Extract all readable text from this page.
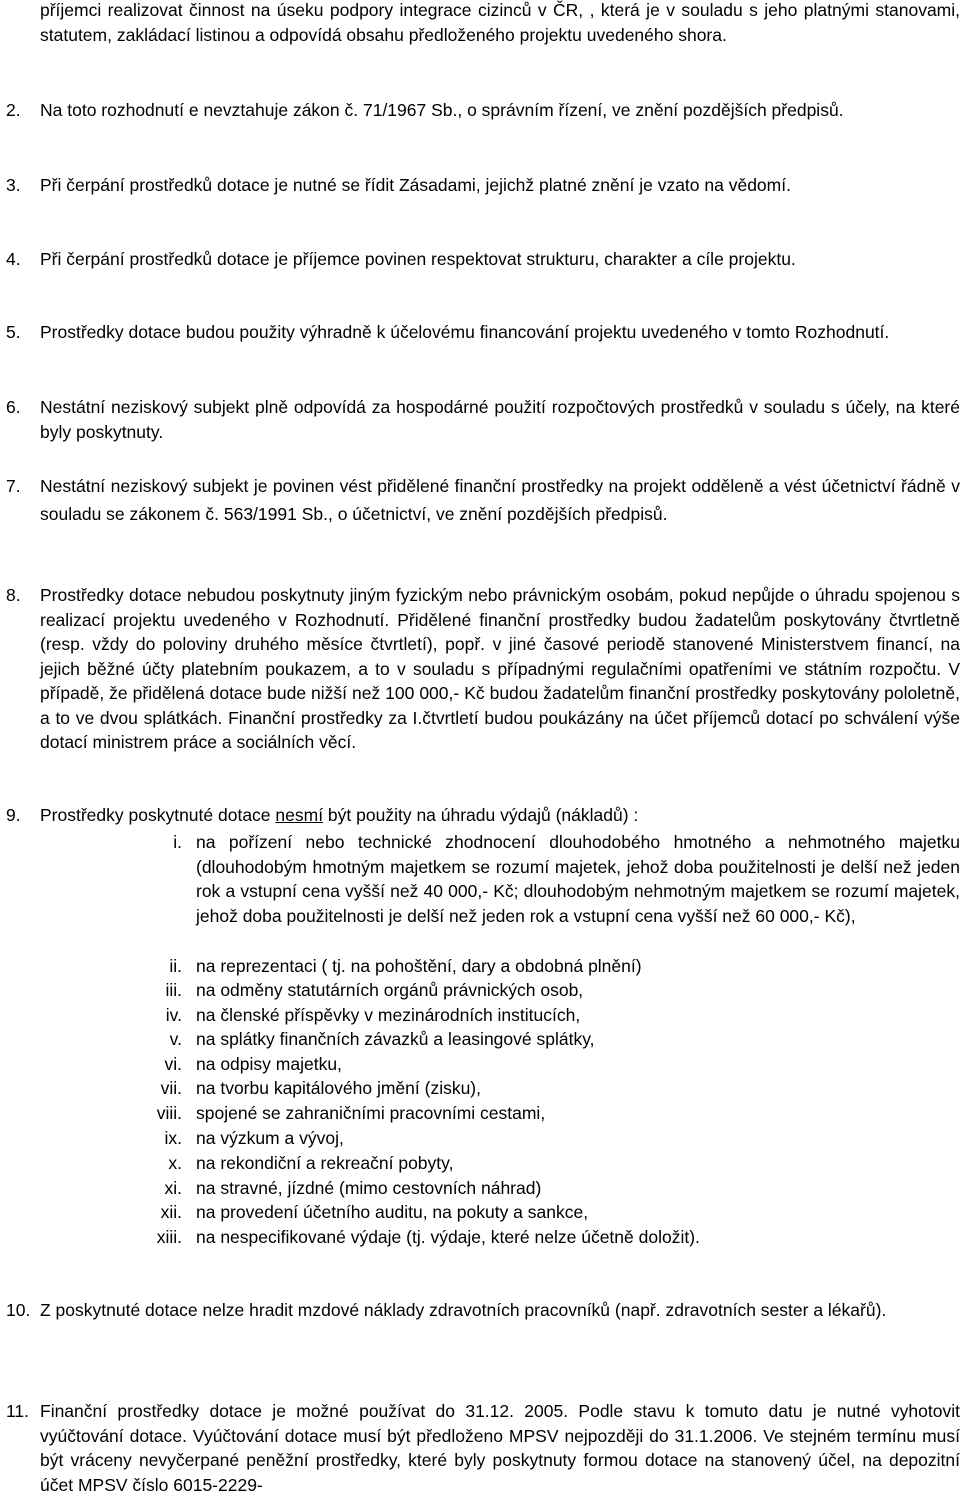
příjemci realizovat činnost na úseku podpory integrace cizinců v ČR, , která je v souladu s jeho platnými stanovami, statutem, zakládací listinou a odpovídá obsahu předloženého projektu uvedeného shora.

2.	Na toto rozhodnutí e nevztahuje zákon č. 71/1967 Sb., o správním řízení, ve znění pozdějších předpisů.

3.	Při čerpání prostředků dotace je nutné se řídit Zásadami, jejichž platné znění je vzato na vědomí.

4.	Při čerpání prostředků dotace je příjemce povinen respektovat strukturu, charakter a cíle projektu.

5.	Prostředky dotace budou použity výhradně k účelovému financování projektu uvedeného v tomto Rozhodnutí.

6.	Nestátní neziskový subjekt plně odpovídá za hospodárné použití rozpočtových prostředků v souladu s účely, na které byly poskytnuty.

7.	Nestátní neziskový subjekt je povinen vést přidělené finanční prostředky na projekt odděleně a vést účetnictví řádně v souladu se zákonem č. 563/1991 Sb., o účetnictví, ve znění pozdějších předpisů.

8.	Prostředky dotace nebudou poskytnuty jiným fyzickým nebo právnickým osobám, pokud nepůjde o úhradu spojenou s realizací projektu uvedeného v Rozhodnutí. Přidělené finanční prostředky budou žadatelům poskytovány čtvrtletně (resp. vždy do poloviny druhého měsíce čtvrtletí), popř. v jiné časové periodě stanovené Ministerstvem financí, na jejich běžné účty platebním poukazem, a to v souladu s případnými regulačními opatřeními ve státním rozpočtu. V případě, že přidělená dotace bude nižší než 100 000,- Kč budou žadatelům finanční prostředky poskytovány pololetně, a to ve dvou splátkách. Finanční prostředky za I.čtvrtletí budou poukázány na účet příjemců dotací po schválení výše dotací ministrem práce a sociálních věcí.

9.	Prostředky poskytnuté dotace nesmí být použity na úhradu výdajů (nákladů) :

i. na pořízení nebo technické zhodnocení dlouhodobého hmotného a nehmotného majetku (dlouhodobým hmotným majetkem se rozumí majetek, jehož doba použitelnosti je delší než jeden rok a vstupní cena vyšší než 40 000,- Kč; dlouhodobým nehmotným majetkem se rozumí majetek, jehož doba použitelnosti je delší než jeden rok a vstupní cena vyšší než 60 000,- Kč),
ii. na reprezentaci ( tj. na pohoštění, dary a obdobná plnění)
iii. na odměny statutárních orgánů právnických osob,
iv. na členské příspěvky v mezinárodních institucích,
v. na splátky finančních závazků a leasingové splátky,
vi. na odpisy majetku,
vii. na tvorbu kapitálového jmění (zisku),
viii. spojené se zahraničními pracovními cestami,
ix. na výzkum a vývoj,
x. na rekondiční a rekreační pobyty,
xi. na stravné, jízdné (mimo cestovních náhrad)
xii. na provedení účetního auditu, na pokuty a sankce,
xiii. na nespecifikované výdaje (tj. výdaje, které nelze účetně doložit).

10. Z poskytnuté dotace nelze hradit mzdové náklady zdravotních pracovníků (např. zdravotních sester a lékařů).

11. Finanční prostředky dotace je možné používat do 31.12. 2005. Podle stavu k tomuto datu je nutné vyhotovit vyúčtování dotace. Vyúčtování dotace musí být předloženo MPSV nejpozději do 31.1.2006. Ve stejném termínu musí být vráceny nevyčerpané peněžní prostředky, které byly poskytnuty formou dotace na stanovený účel, na depozitní účet MPSV číslo 6015-2229-
